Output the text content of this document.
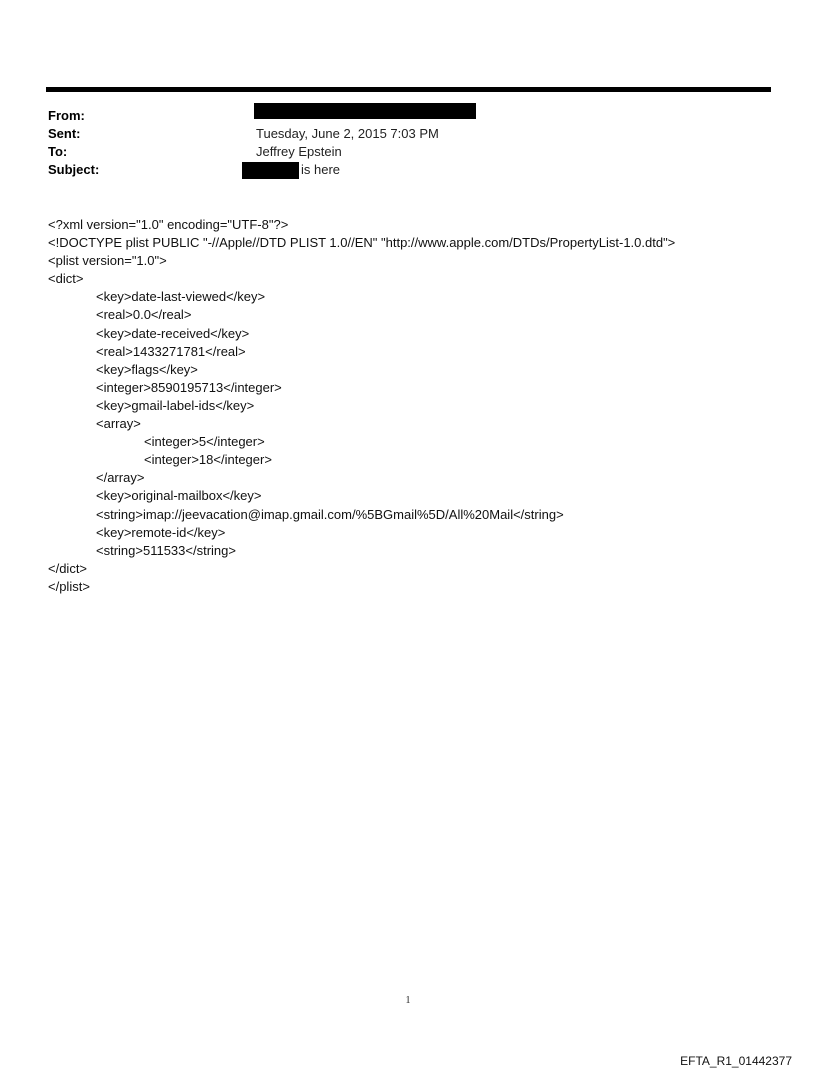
From:
Sent:	Tuesday, June 2, 2015 7:03 PM
To:	Jeffrey Epstein
Subject:	is here
<?xml version="1.0" encoding="UTF-8"?>
<!DOCTYPE plist PUBLIC "-//Apple//DTD PLIST 1.0//EN" "http://www.apple.com/DTDs/PropertyList-1.0.dtd">
<plist version="1.0">
<dict>
<key>date-last-viewed</key>
<real>0.0</real>
<key>date-received</key>
<real>1433271781</real>
<key>flags</key>
<integer>8590195713</integer>
<key>gmail-label-ids</key>
<array>
<integer>5</integer>
<integer>18</integer>
</array>
<key>original-mailbox</key>
<string>imap://jeevacation@imap.gmail.com/%5BGmail%5D/All%20Mail</string>
<key>remote-id</key>
<string>511533</string>
</dict>
</plist>
1
EFTA_R1_01442377
